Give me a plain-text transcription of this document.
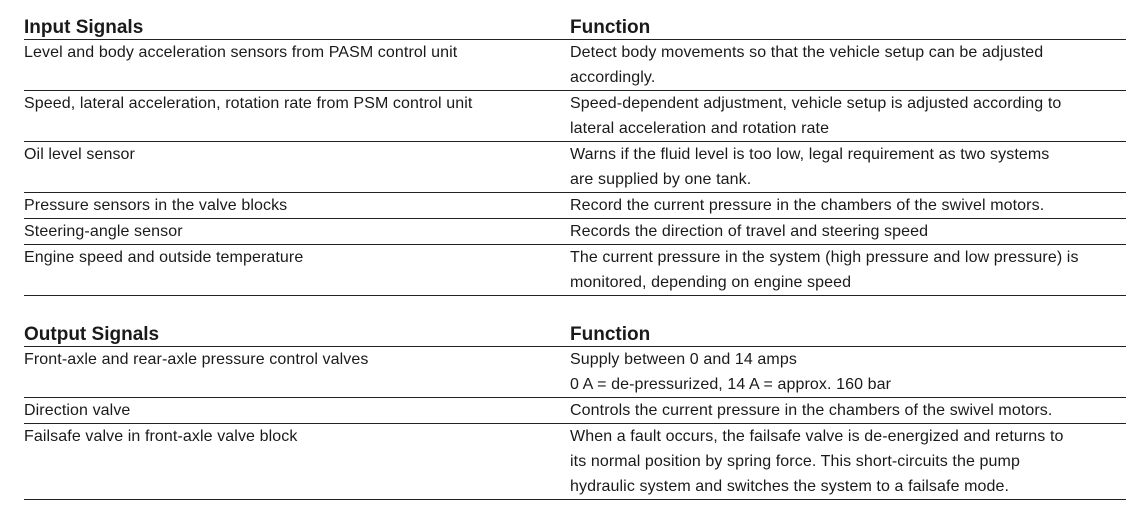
Input Signals	Function
Level and body acceleration sensors from PASM control unit	Detect body movements so that the vehicle setup can be adjusted
accordingly.

Speed, lateral acceleration, rotation rate from PSM control unit	Speed-dependent adjustment, vehicle setup is adjusted according to
lateral acceleration and rotation rate

Oil level sensor	Warns if the fluid level is too low, legal requirement as two systems
are supplied by one tank.

Pressure sensors in the valve blocks	Record the current pressure in the chambers of the swivel motors.

Steering-angle sensor	Records the direction of travel and steering speed

Engine speed and outside temperature	The current pressure in the system (high pressure and low pressure) is
monitored, depending on engine speed
Output Signals	Function
Front-axle and rear-axle pressure control valves	Supply between 0 and 14 amps
0 A = de-pressurized, 14 A = approx. 160 bar

Direction valve	Controls the current pressure in the chambers of the swivel motors.

Failsafe valve in front-axle valve block	When a fault occurs, the failsafe valve is de-energized and returns to
its normal position by spring force. This short-circuits the pump
hydraulic system and switches the system to a failsafe mode.
